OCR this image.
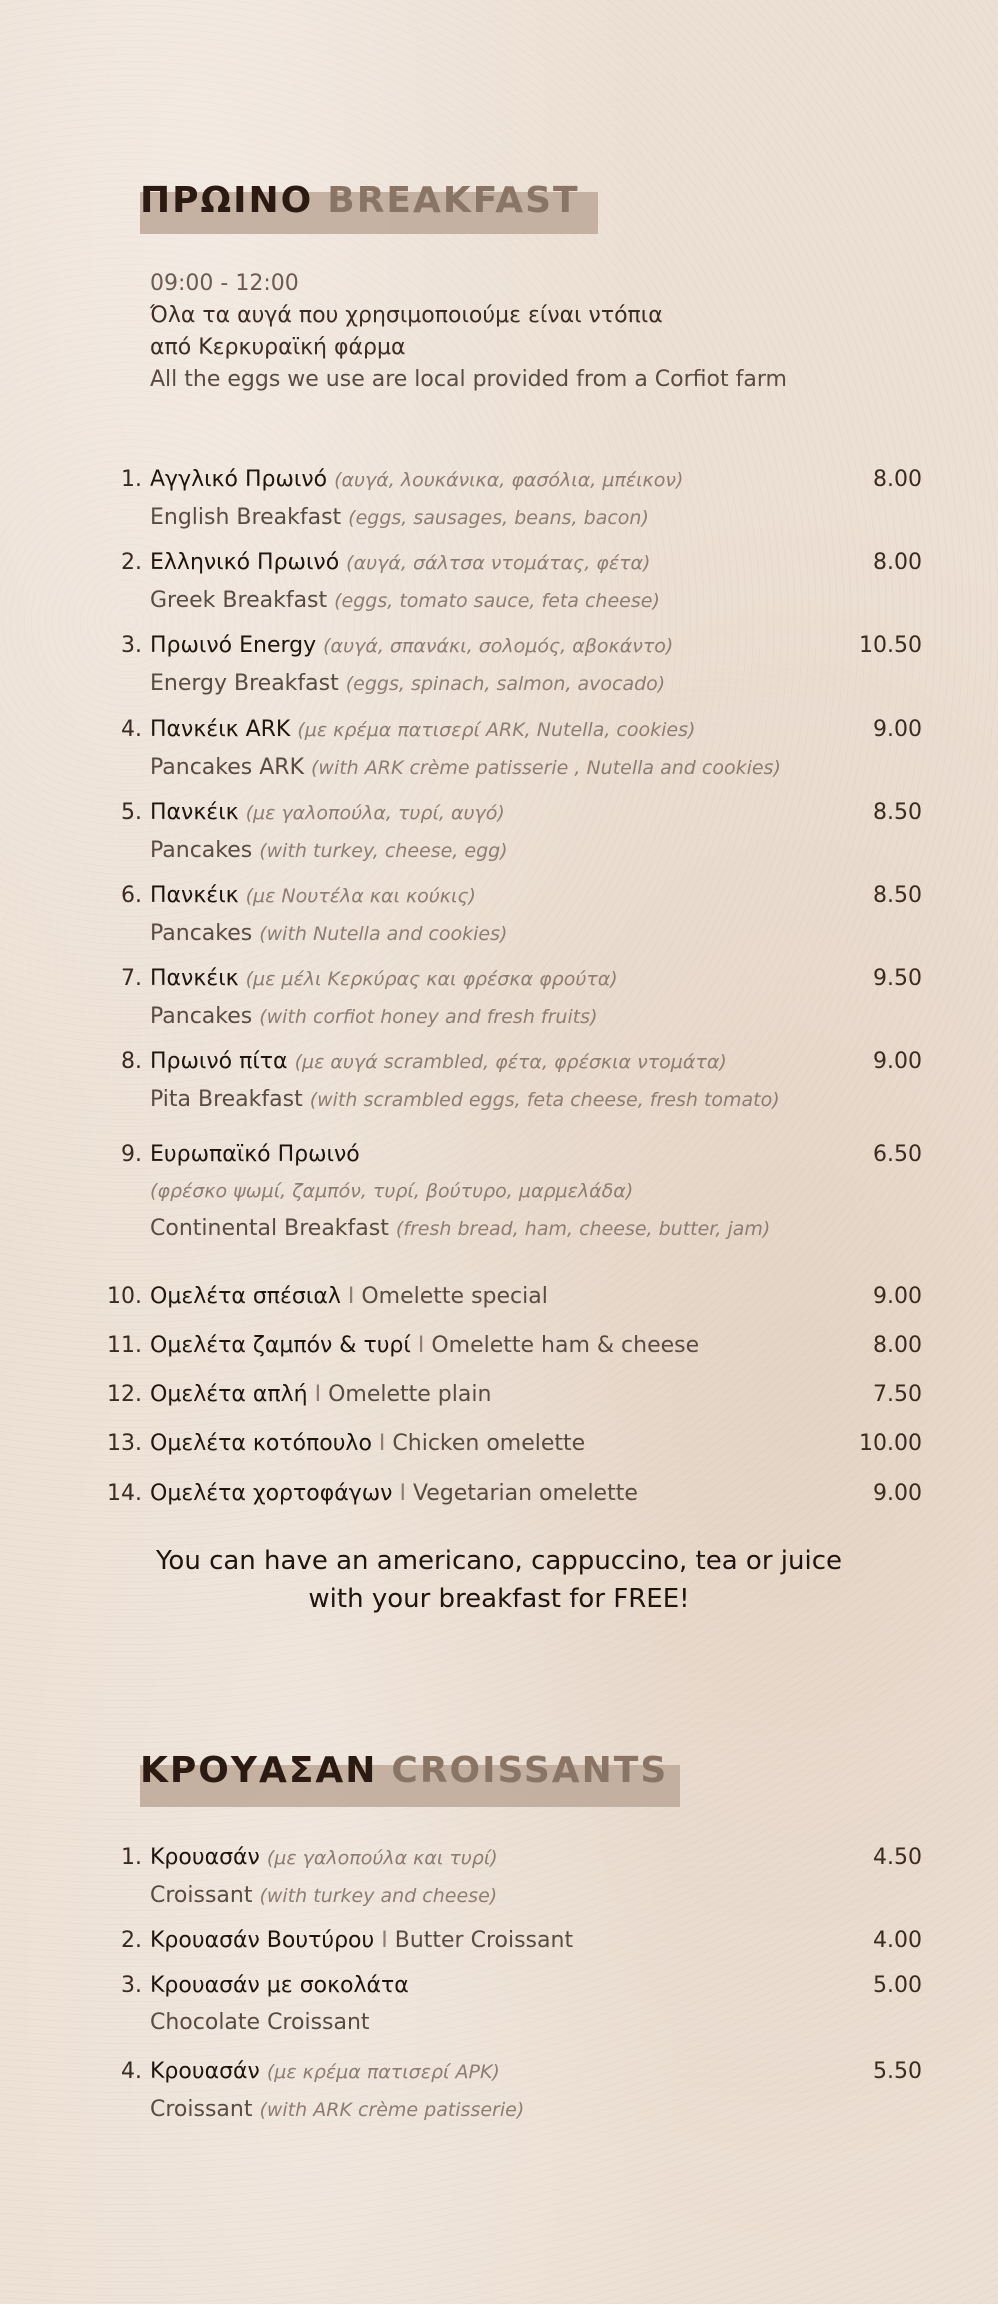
ΠΡΩΙΝΟ BREAKFAST
09:00 - 12:00
Όλα τα αυγά που χρησιμοποιούμε είναι ντόπια
από Κερκυραϊκή φάρμα
All the eggs we use are local provided from a Corfiot farm
1. Αγγλικό Πρωινό (αυγά, λουκάνικα, φασόλια, μπέικον)
English Breakfast (eggs, sausages, beans, bacon)
8.00
2. Ελληνικό Πρωινό (αυγά, σάλτσα ντομάτας, φέτα)
Greek Breakfast (eggs, tomato sauce, feta cheese)
8.00
3. Πρωινό Energy (αυγά, σπανάκι, σολομός, αβοκάντο)
Energy Breakfast (eggs, spinach, salmon, avocado)
10.50
4. Πανκέικ ARK (με κρέμα πατισερί ARK, Nutella, cookies)
Pancakes ARK (with ARK crème patisserie , Nutella and cookies)
9.00
5. Πανκέικ (με γαλοπούλα, τυρί, αυγό)
Pancakes (with turkey, cheese, egg)
8.50
6. Πανκέικ (με Νουτέλα και κούκις)
Pancakes (with Nutella and cookies)
8.50
7. Πανκέικ (με μέλι Κερκύρας και φρέσκα φρούτα)
Pancakes (with corfiot honey and fresh fruits)
9.50
8. Πρωινό πίτα (με αυγά scrambled, φέτα, φρέσκια ντομάτα)
Pita Breakfast (with scrambled eggs, feta cheese, fresh tomato)
9.00
9. Ευρωπαϊκό Πρωινό
(φρέσκο ψωμί, ζαμπόν, τυρί, βούτυρο, μαρμελάδα)
Continental Breakfast (fresh bread, ham, cheese, butter, jam)
6.50
10. Ομελέτα σπέσιαλ I Omelette special	9.00
11. Ομελέτα ζαμπόν & τυρί I Omelette ham & cheese	8.00
12. Ομελέτα απλή I Omelette plain	7.50
13. Ομελέτα κοτόπουλο I Chicken omelette	10.00
14. Ομελέτα χορτοφάγων I Vegetarian omelette	9.00
You can have an americano, cappuccino, tea or juice
with your breakfast for FREE!
ΚΡΟΥΑΣΑΝ CROISSANTS
1. Κρουασάν (με γαλοπούλα και τυρί)
Croissant (with turkey and cheese)
4.50
2. Κρουασάν Βουτύρου I Butter Croissant	4.00
3. Κρουασάν με σοκολάτα
Chocolate Croissant
5.00
4. Κρουασάν (με κρέμα πατισερί ΑΡΚ)
Croissant (with ARK crème patisserie)
5.50
